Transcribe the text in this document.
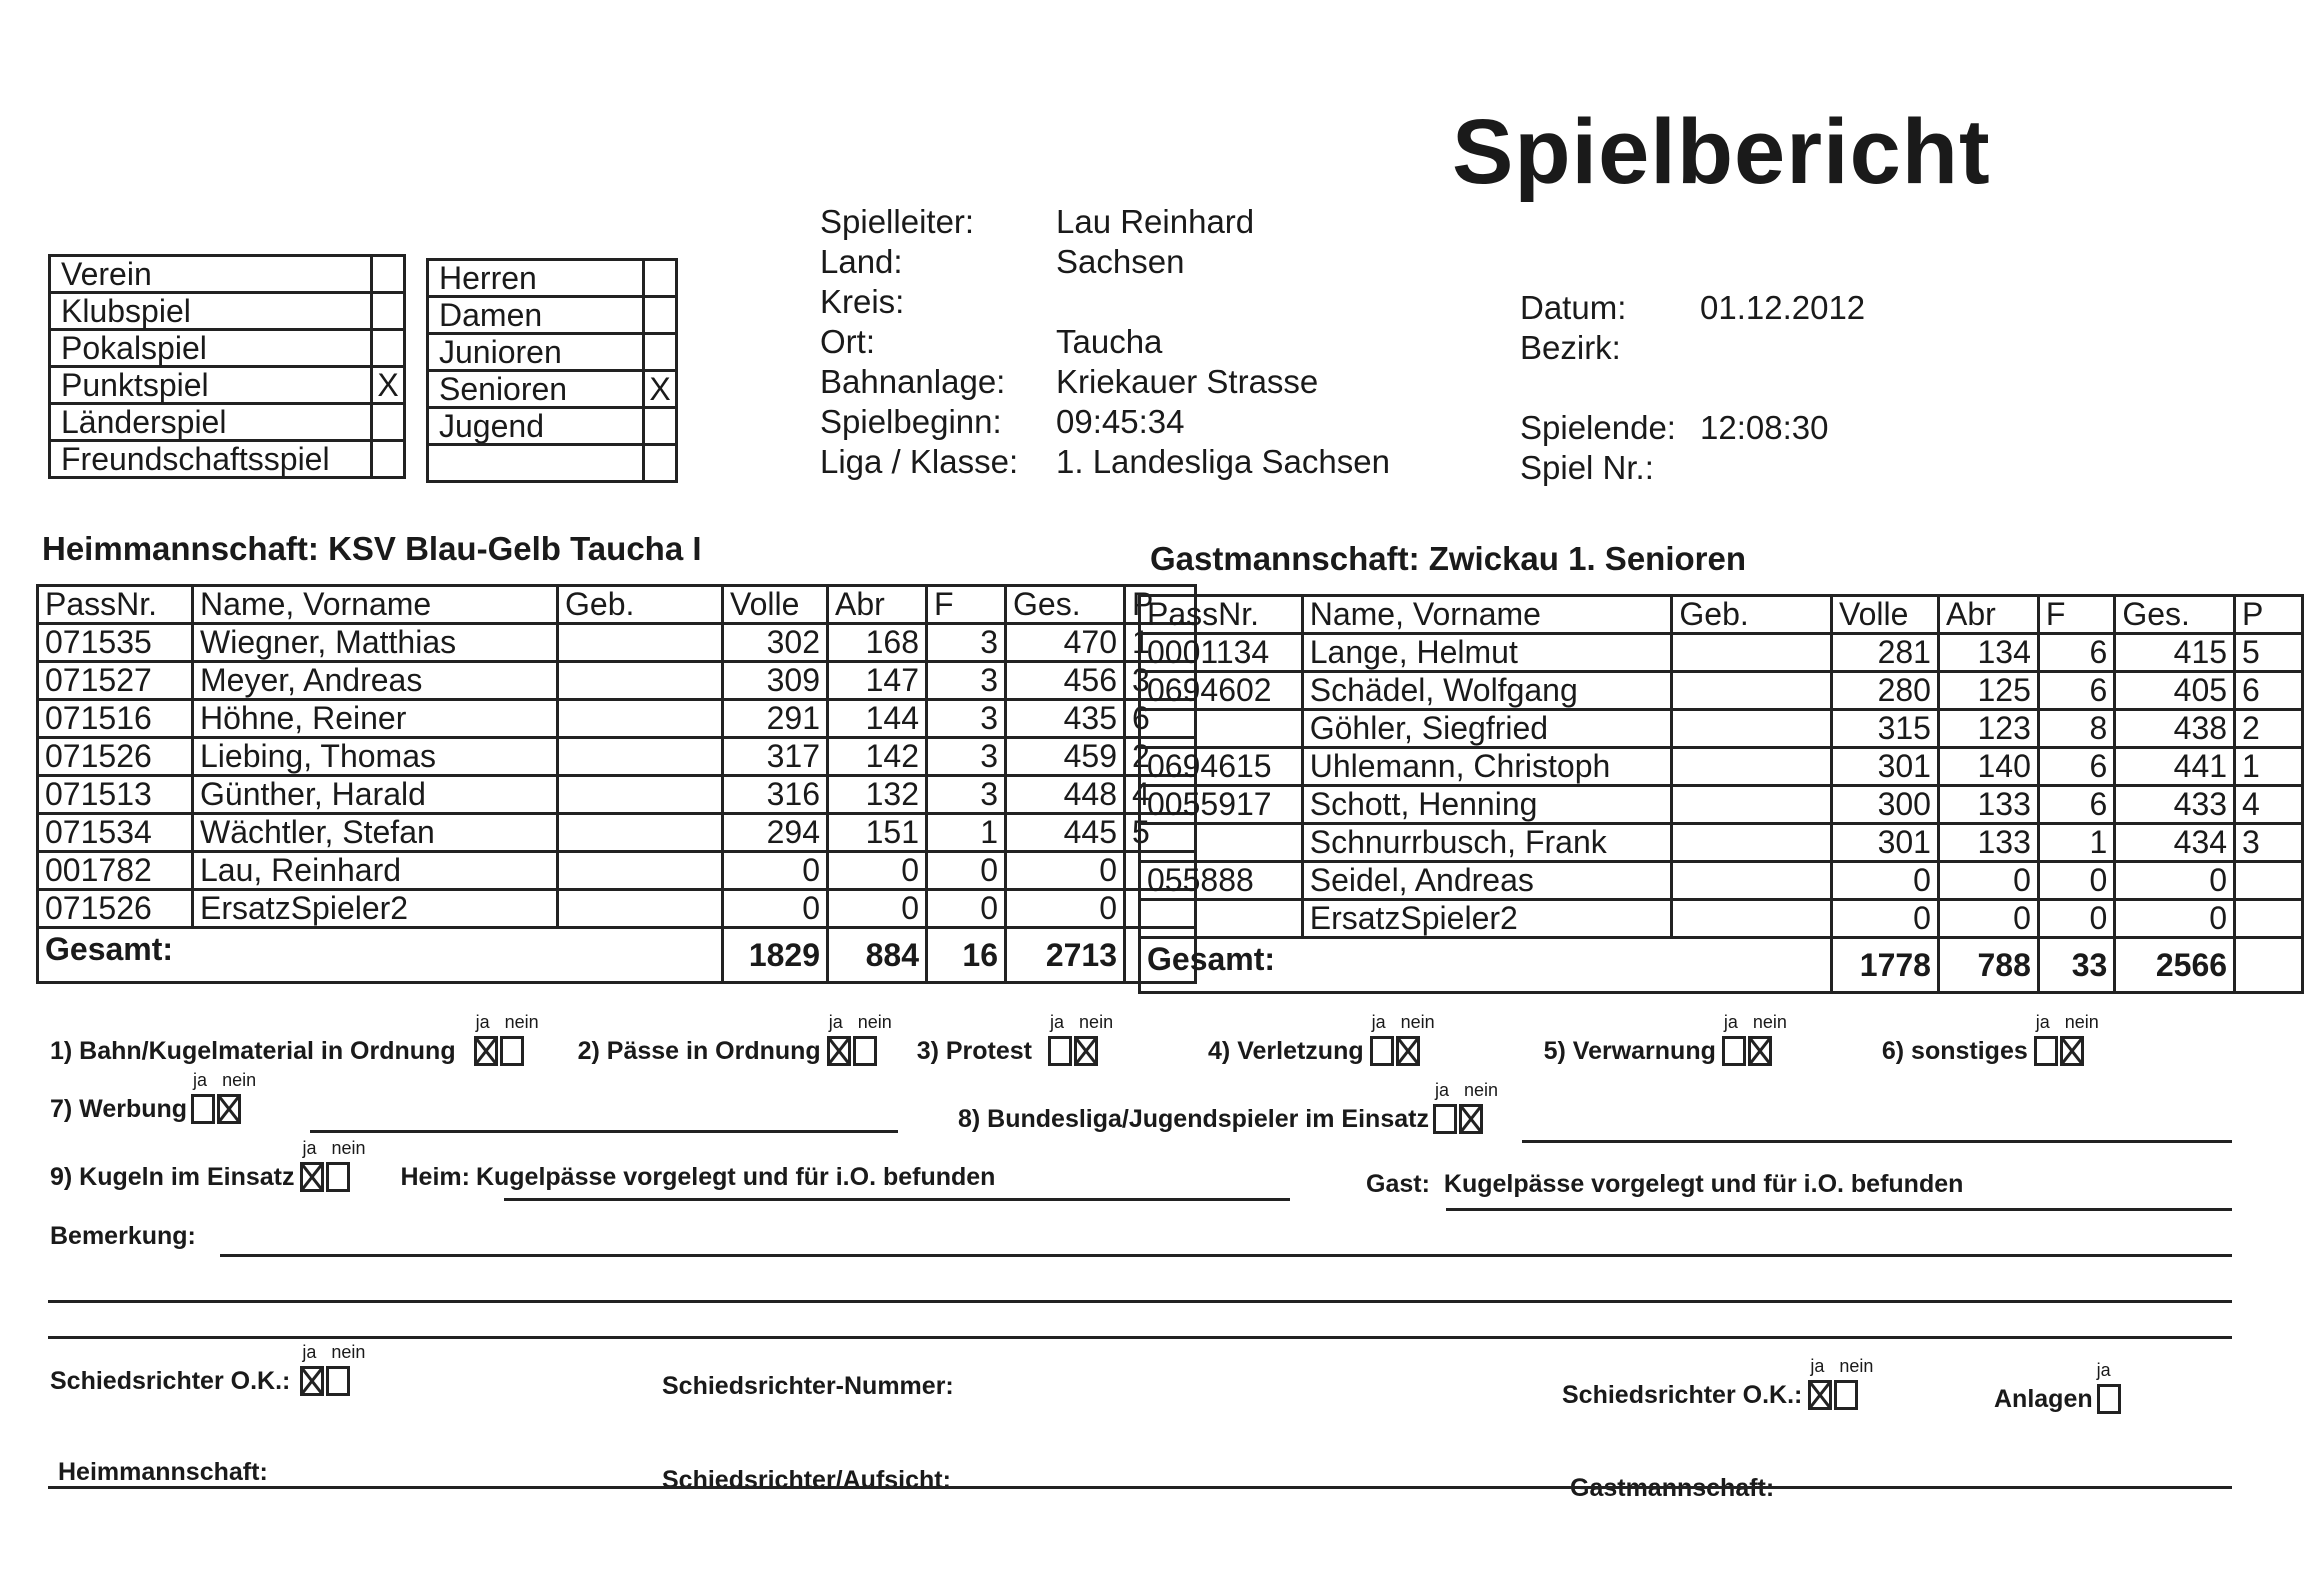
Spielbericht
Verein	
Klubspiel	
Pokalspiel	
Punktspiel	X
Länderspiel	
Freundschaftsspiel	
Herren	
Damen	
Junioren	
Senioren	X
Jugend	

Spielleiter:	Lau Reinhard
Land:	Sachsen
Kreis:
Ort:	Taucha
Bahnanlage:	Kriekauer Strasse
Spielbeginn:	09:45:34
Liga / Klasse:	1. Landesliga Sachsen
Datum:	01.12.2012
Bezirk:
Spielende: 12:08:30
Spiel Nr.:
Heimmannschaft: KSV Blau-Gelb Taucha I	Gastmannschaft: Zwickau 1. Senioren
PassNr.	Name, Vorname	Geb.	Volle	Abr	F	Ges.	P
071535	Wiegner, Matthias		302	168	3	470	1
071527	Meyer, Andreas		309	147	3	456	3
071516	Höhne, Reiner		291	144	3	435	6
071526	Liebing, Thomas		317	142	3	459	2
071513	Günther, Harald		316	132	3	448	4
071534	Wächtler, Stefan		294	151	1	445	5
001782	Lau, Reinhard		0	0	0	0	
071526	ErsatzSpieler2		0	0	0	0	
Gesamt:			1829	884	16	2713	
PassNr.	Name, Vorname	Geb.	Volle	Abr	F	Ges.	P
0001134	Lange, Helmut		281	134	6	415	5
0694602	Schädel, Wolfgang		280	125	6	405	6
	Göhler, Siegfried		315	123	8	438	2
0694615	Uhlemann, Christoph		301	140	6	441	1
0055917	Schott, Henning		300	133	6	433	4
	Schnurrbusch, Frank		301	133	1	434	3
055888	Seidel, Andreas		0	0	0	0	
	ErsatzSpieler2		0	0	0	0	
Gesamt:			1778	788	33	2566	
1) Bahn/Kugelmaterial in Ordnung
ja nein
2) Pässe in Ordnung
ja nein
3) Protest
ja nein
4) Verletzung
ja nein
5) Verwarnung
ja nein
6) sonstiges
ja nein
7) Werbung
ja nein
8) Bundesliga/Jugendspieler im Einsatz
ja nein
9) Kugeln im Einsatz
ja nein
Heim: Kugelpässe vorgelegt und für i.O. befunden	Gast: Kugelpässe vorgelegt und für i.O. befunden
Bemerkung:
Schiedsrichter O.K.:
ja nein
Schiedsrichter-Nummer:	Schiedsrichter O.K.:
ja nein
Anlagen
ja
Heimmannschaft:	Schiedsrichter/Aufsicht:	Gastmannschaft:
